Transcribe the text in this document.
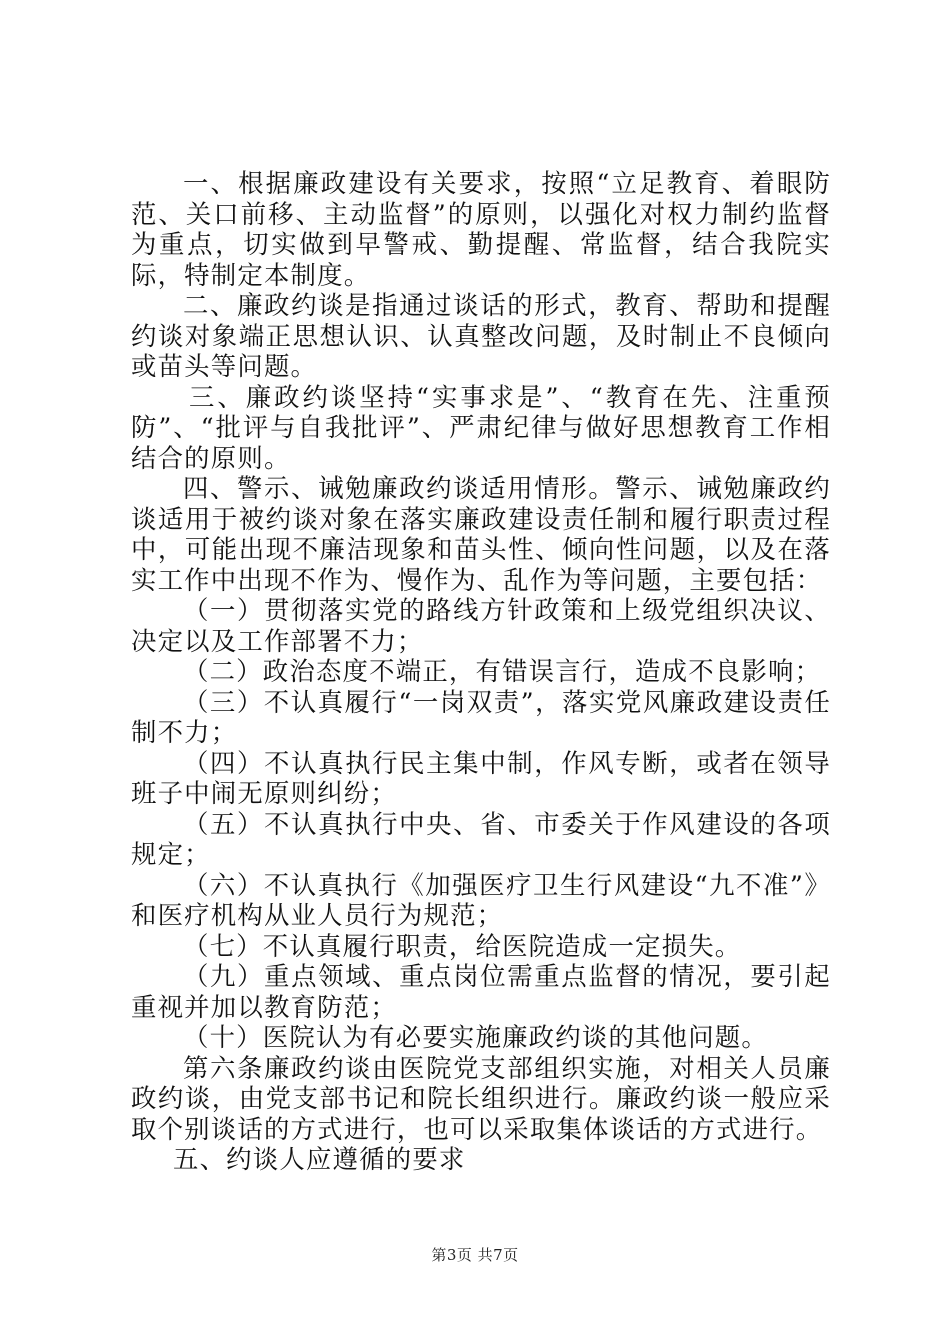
一、根据廉政建设有关要求，按照“立足教育、着眼防范、关口前移、主动监督”的原则，以强化对权力制约监督为重点，切实做到早警戒、勤提醒、常监督，结合我院实际，特制定本制度。

二、廉政约谈是指通过谈话的形式，教育、帮助和提醒约谈对象端正思想认识、认真整改问题，及时制止不良倾向或苗头等问题。

三、廉政约谈坚持“实事求是”、“教育在先、注重预防”、“批评与自我批评”、严肃纪律与做好思想教育工作相结合的原则。

四、警示、诫勉廉政约谈适用情形。警示、诫勉廉政约谈适用于被约谈对象在落实廉政建设责任制和履行职责过程中，可能出现不廉洁现象和苗头性、倾向性问题，以及在落实工作中出现不作为、慢作为、乱作为等问题，主要包括：

（一）贯彻落实党的路线方针政策和上级党组织决议、决定以及工作部署不力；

（二）政治态度不端正，有错误言行，造成不良影响；

（三）不认真履行“一岗双责”，落实党风廉政建设责任制不力；

（四）不认真执行民主集中制，作风专断，或者在领导班子中闹无原则纠纷；

（五）不认真执行中央、省、市委关于作风建设的各项规定；

（六）不认真执行《加强医疗卫生行风建设“九不准”》和医疗机构从业人员行为规范；

（七）不认真履行职责，给医院造成一定损失。

（九）重点领域、重点岗位需重点监督的情况，要引起重视并加以教育防范；

（十）医院认为有必要实施廉政约谈的其他问题。

第六条廉政约谈由医院党支部组织实施，对相关人员廉政约谈，由党支部书记和院长组织进行。廉政约谈一般应采取个别谈话的方式进行，也可以采取集体谈话的方式进行。

五、约谈人应遵循的要求

第3页 共7页
